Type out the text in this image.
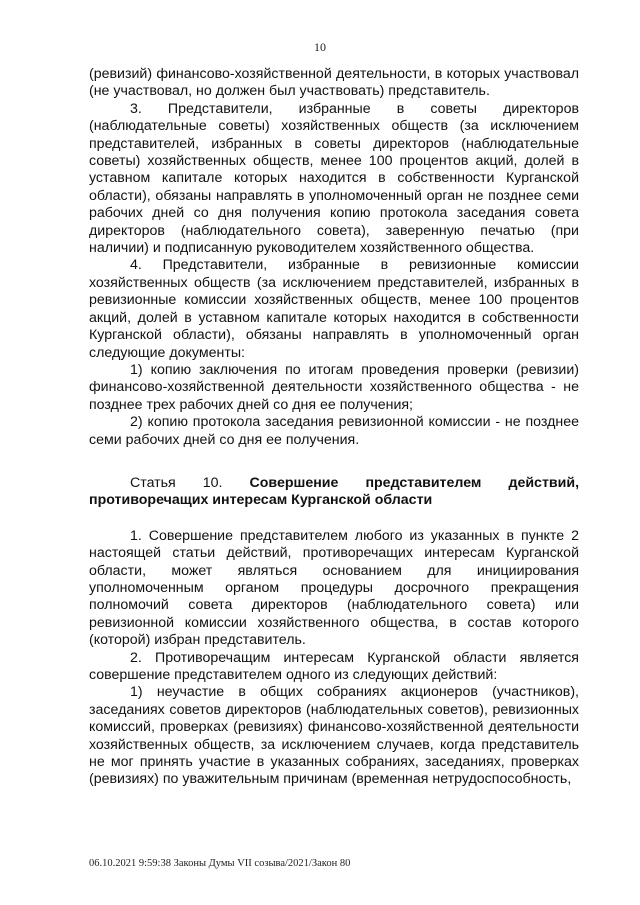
10

(ревизий) финансово-хозяйственной деятельности, в которых участвовал (не участвовал, но должен был участвовать) представитель.

3. Представители, избранные в советы директоров (наблюдательные советы) хозяйственных обществ (за исключением представителей, избранных в советы директоров (наблюдательные советы) хозяйственных обществ, менее 100 процентов акций, долей в уставном капитале которых находится в собственности Курганской области), обязаны направлять в уполномоченный орган не позднее семи рабочих дней со дня получения копию протокола заседания совета директоров (наблюдательного совета), заверенную печатью (при наличии) и подписанную руководителем хозяйственного общества.

4. Представители, избранные в ревизионные комиссии хозяйственных обществ (за исключением представителей, избранных в ревизионные комиссии хозяйственных обществ, менее 100 процентов акций, долей в уставном капитале которых находится в собственности Курганской области), обязаны направлять в уполномоченный орган следующие документы:

1) копию заключения по итогам проведения проверки (ревизии) финансово-хозяйственной деятельности хозяйственного общества - не позднее трех рабочих дней со дня ее получения;

2) копию протокола заседания ревизионной комиссии - не позднее семи рабочих дней со дня ее получения.

Статья 10. Совершение представителем действий, противоречащих интересам Курганской области

1. Совершение представителем любого из указанных в пункте 2 настоящей статьи действий, противоречащих интересам Курганской области, может являться основанием для инициирования уполномоченным органом процедуры досрочного прекращения полномочий совета директоров (наблюдательного совета) или ревизионной комиссии хозяйственного общества, в состав которого (которой) избран представитель.

2. Противоречащим интересам Курганской области является совершение представителем одного из следующих действий:

1) неучастие в общих собраниях акционеров (участников), заседаниях советов директоров (наблюдательных советов), ревизионных комиссий, проверках (ревизиях) финансово-хозяйственной деятельности хозяйственных обществ, за исключением случаев, когда представитель не мог принять участие в указанных собраниях, заседаниях, проверках (ревизиях) по уважительным причинам (временная нетрудоспособность,

06.10.2021 9:59:38 Законы Думы VII созыва/2021/Закон 80
